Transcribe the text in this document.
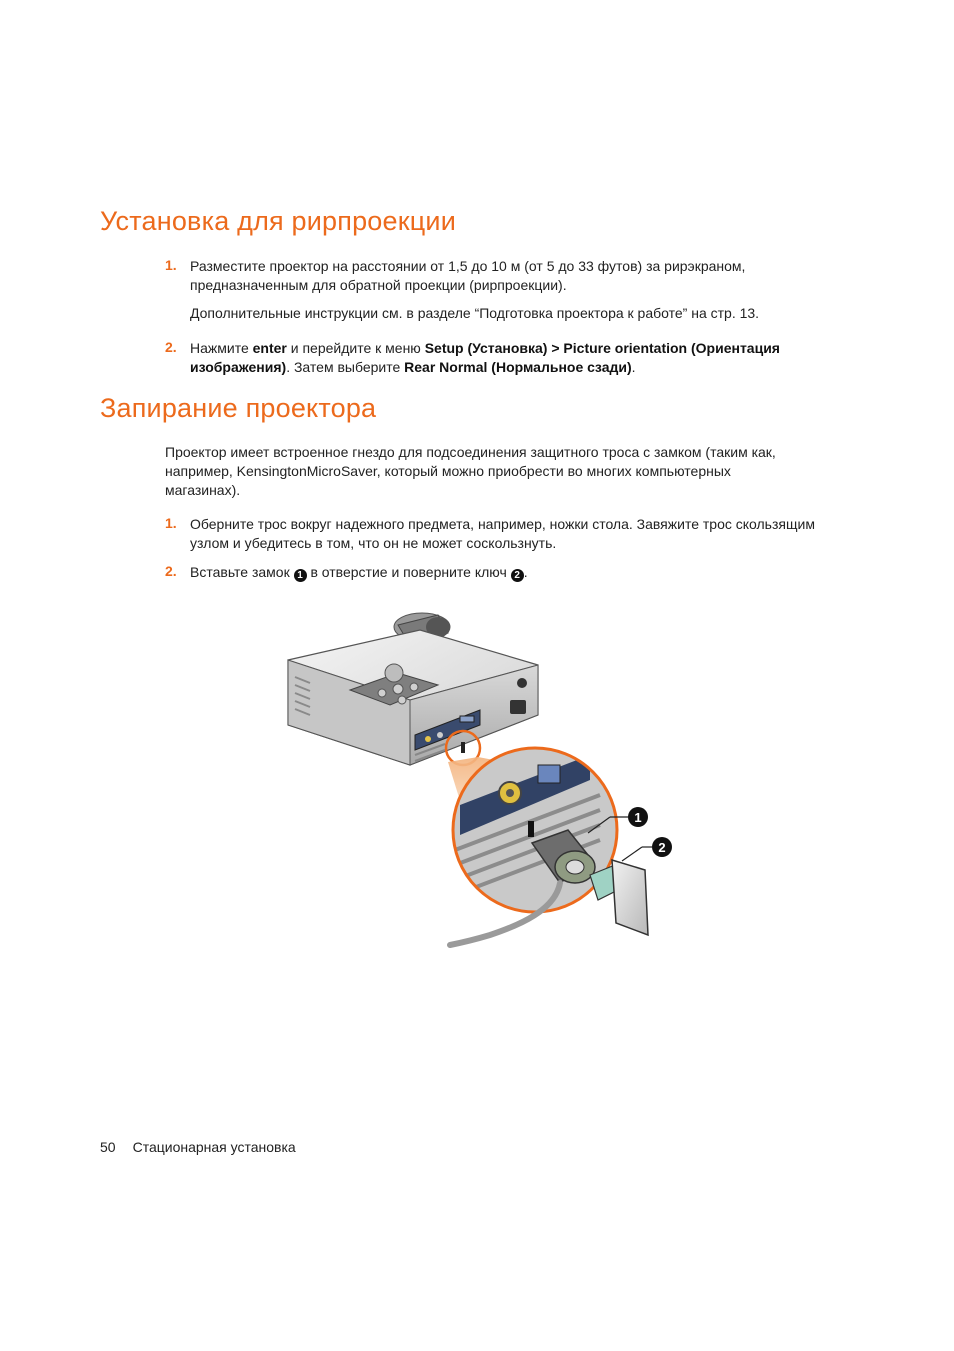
Установка для рирпроекции
1. Разместите проектор на расстоянии от 1,5 до 10 м (от 5 до 33 футов) за рирэкраном, предназначенным для обратной проекции (рирпроекции).

Дополнительные инструкции см. в разделе “Подготовка проектора к работе” на стр. 13.

2. Нажмите enter и перейдите к меню Setup (Установка) > Picture orientation (Ориентация изображения). Затем выберите Rear Normal (Нормальное сзади).

Запирание проектора

Проектор имеет встроенное гнездо для подсоединения защитного троса с замком (таким как, например, KensingtonMicroSaver, который можно приобрести во многих компьютерных магазинах).

1. Оберните трос вокруг надежного предмета, например, ножки стола. Завяжите трос скользящим узлом и убедитесь в том, что он не может соскользнуть.

2. Вставьте замок 1 в отверстие и поверните ключ 2 .

1
2
50 Стационарная установка
